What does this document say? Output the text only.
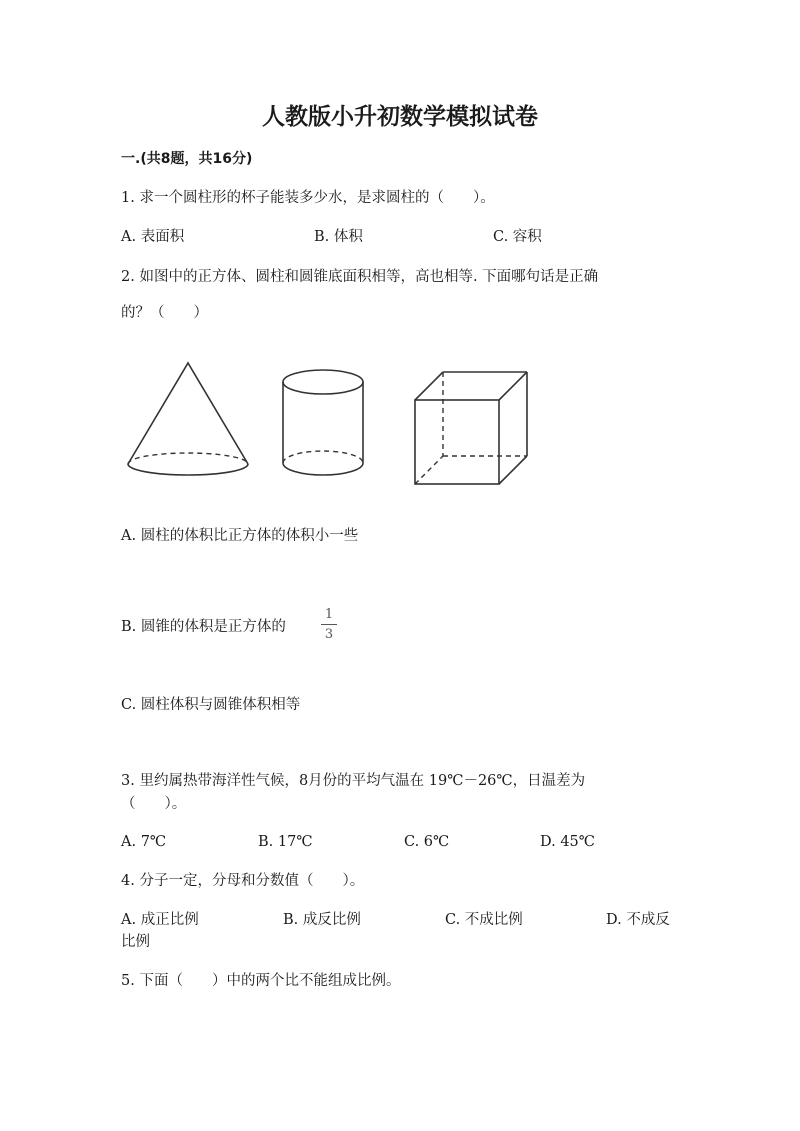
人教版小升初数学模拟试卷
一.(共8题，共16分)
1. 求一个圆柱形的杯子能装多少水，是求圆柱的（　　）。
A. 表面积	B. 体积	C. 容积
2. 如图中的正方体、圆柱和圆锥底面积相等，高也相等. 下面哪句话是正确
的？（　　）
A. 圆柱的体积比正方体的体积小一些
B. 圆锥的体积是正方体的
1
3
C. 圆柱体积与圆锥体积相等
3. 里约属热带海洋性气候，8月份的平均气温在 19℃－26℃，日温差为
（　　）。
A. 7℃	B. 17℃	C. 6℃	D. 45℃
4. 分子一定，分母和分数值（　　）。
A. 成正比例	B. 成反比例	C. 不成比例	D. 不成反
比例
5. 下面（　　）中的两个比不能组成比例。
